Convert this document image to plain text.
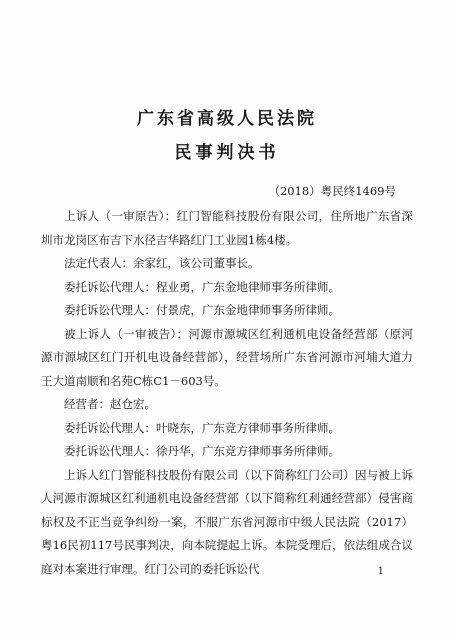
广东省高级人民法院
民事判决书
（2018）粤民终1469号

上诉人（一审原告）：红门智能科技股份有限公司，住所地广东省深圳市龙岗区布吉下水径吉华路红门工业园1栋4楼。

法定代表人：余家红，该公司董事长。

委托诉讼代理人：程业勇，广东金地律师事务所律师。

委托诉讼代理人：付景虎，广东金地律师事务所律师。

被上诉人（一审被告）：河源市源城区红利通机电设备经营部（原河源市源城区红门开机电设备经营部），经营场所广东省河源市河埔大道力王大道南顺和名苑C栋C1－603号。

经营者：赵仓宏。

委托诉讼代理人：叶晓东，广东竞方律师事务所律师。

委托诉讼代理人：徐丹华，广东竞方律师事务所律师。

上诉人红门智能科技股份有限公司（以下简称红门公司）因与被上诉人河源市源城区红利通机电设备经营部（以下简称红利通经营部）侵害商标权及不正当竞争纠纷一案，不服广东省河源市中级人民法院（2017）粤16民初117号民事判决，向本院提起上诉。本院受理后，依法组成合议庭对本案进行审理。红门公司的委托诉讼代	1
